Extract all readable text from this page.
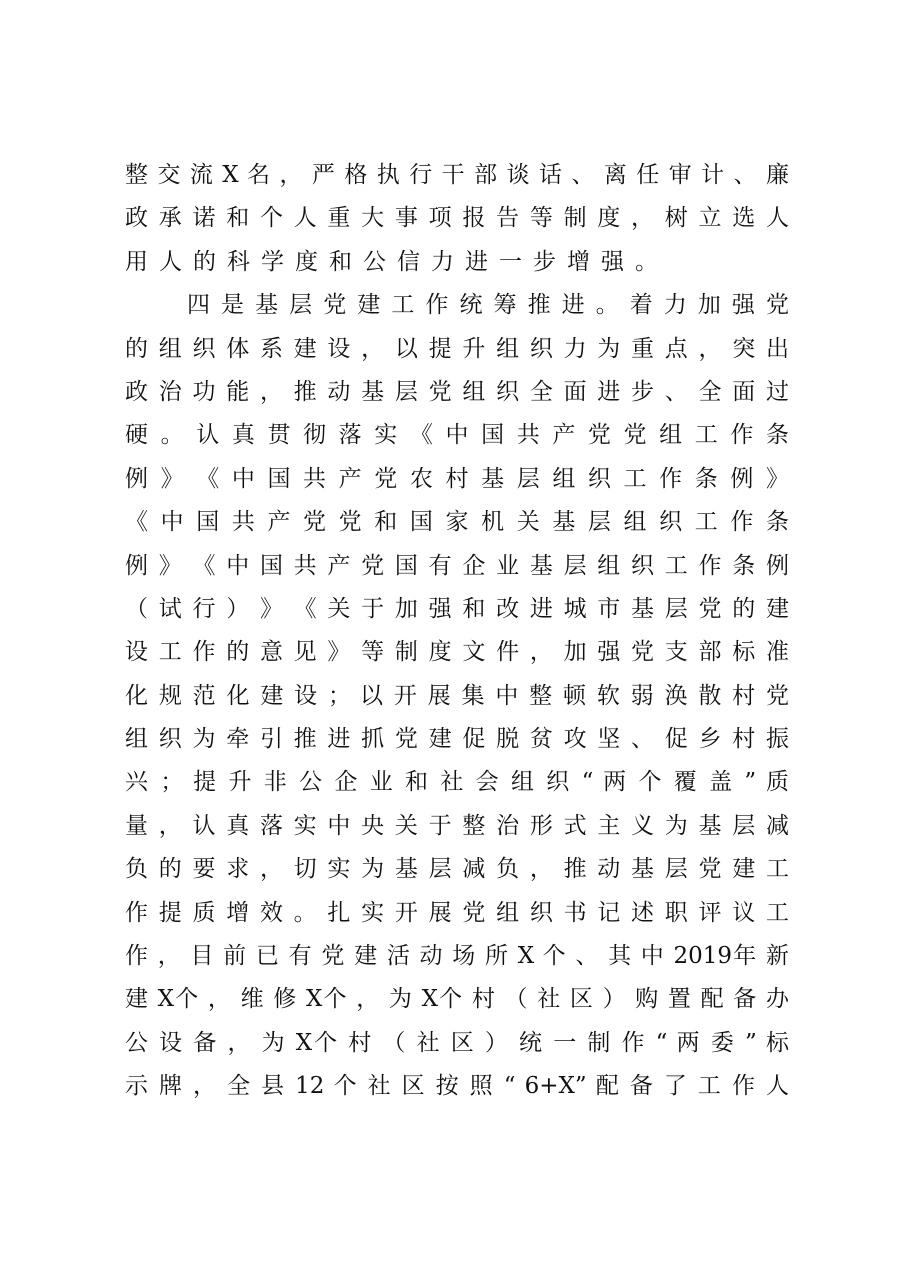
整 交 流 X 名 ， 严 格 执 行 干 部 谈 话 、 离 任 审 计 、 廉
政 承 诺 和 个 人 重 大 事 项 报 告 等 制 度 ， 树 立 选 人
用人的科学度和公信力进一步增强。
四 是 基 层 党 建 工 作 统 筹 推 进 。 着 力 加 强 党
的 组 织 体 系 建 设 ， 以 提 升 组 织 力 为 重 点 ， 突 出
政 治 功 能 ， 推 动 基 层 党 组 织 全 面 进 步 、 全 面 过
硬 。 认 真 贯 彻 落 实 《 中 国 共 产 党 党 组 工 作 条
例 》 《 中 国 共 产 党 农 村 基 层 组 织 工 作 条 例 》
《 中 国 共 产 党 党 和 国 家 机 关 基 层 组 织 工 作 条
例 》 《 中 国 共 产 党 国 有 企 业 基 层 组 织 工 作 条 例
（ 试 行 ） 》 《 关 于 加 强 和 改 进 城 市 基 层 党 的 建
设 工 作 的 意 见 》 等 制 度 文 件 ， 加 强 党 支 部 标 准
化 规 范 化 建 设 ； 以 开 展 集 中 整 顿 软 弱 涣 散 村 党
组 织 为 牵 引 推 进 抓 党 建 促 脱 贫 攻 坚 、 促 乡 村 振
兴 ； 提 升 非 公 企 业 和 社 会 组 织 “ 两 个 覆 盖 ” 质
量 ， 认 真 落 实 中 央 关 于 整 治 形 式 主 义 为 基 层 减
负 的 要 求 ， 切 实 为 基 层 减 负 ， 推 动 基 层 党 建 工
作 提 质 增 效 。 扎 实 开 展 党 组 织 书 记 述 职 评 议 工
作 ， 目 前 已 有 党 建 活 动 场 所 X 个 、 其 中 2019年 新
建 X个 ， 维 修 X个 ， 为 X个 村 （ 社 区 ） 购 置 配 备 办
公 设 备 ， 为 X个 村 （ 社 区 ） 统 一 制 作 “ 两 委 ” 标
示 牌 ， 全 县 12 个 社 区 按 照 “ 6+X” 配 备 了 工 作 人
